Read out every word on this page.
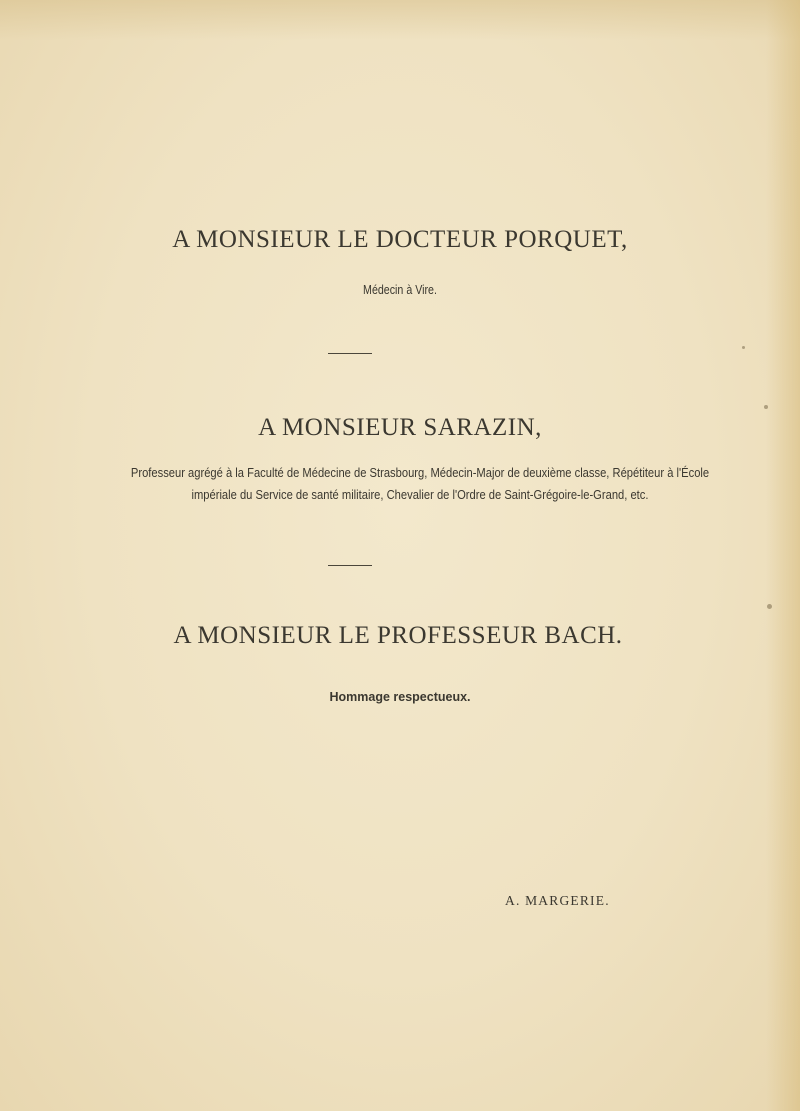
A MONSIEUR LE DOCTEUR PORQUET,
Médecin à Vire.
A MONSIEUR SARAZIN,
Professeur agrégé à la Faculté de Médecine de Strasbourg, Médecin-Major de deuxième classe, Répétiteur à l'École
impériale du Service de santé militaire, Chevalier de l'Ordre de Saint-Grégoire-le-Grand, etc.
A MONSIEUR LE PROFESSEUR BACH.
Hommage respectueux.
A. MARGERIE.
